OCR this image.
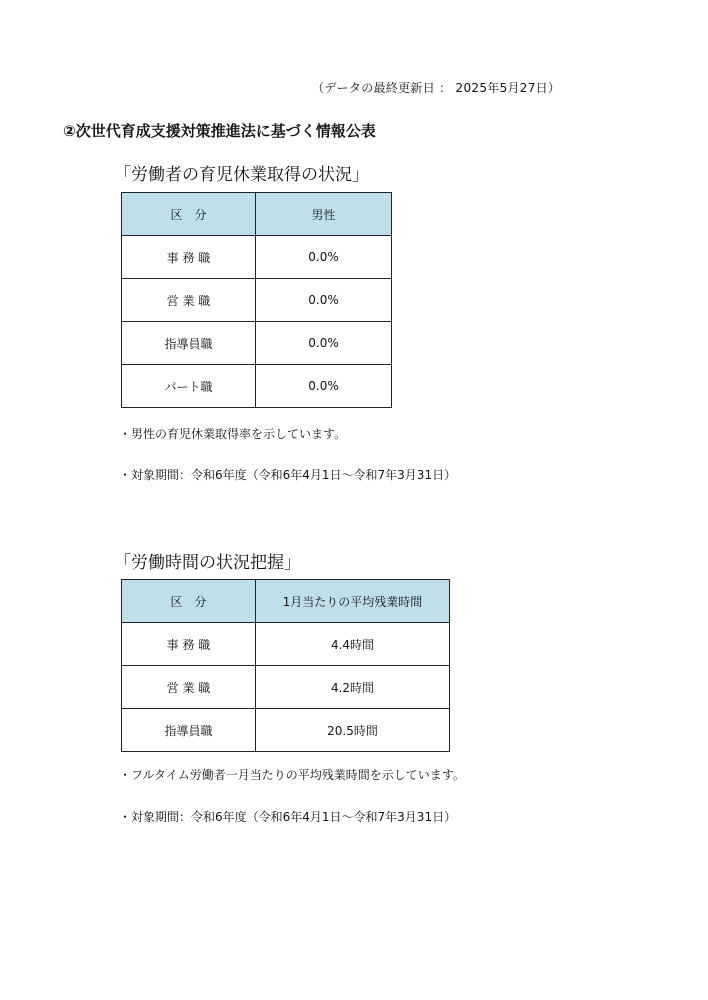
（データの最終更新日 ： 2025年5月27日）
②次世代育成支援対策推進法に基づく情報公表
「労働者の育児休業取得の状況」
区　分	男性
事 務 職	0.0%
営 業 職	0.0%
指導員職	0.0%
パート職	0.0%
・男性の育児休業取得率を示しています。
・対象期間：令和6年度（令和6年4月1日～令和7年3月31日）
「労働時間の状況把握」
区　分	1月当たりの平均残業時間
事 務 職	4.4時間
営 業 職	4.2時間
指導員職	20.5時間
・フルタイム労働者一月当たりの平均残業時間を示しています。
・対象期間：令和6年度（令和6年4月1日～令和7年3月31日）
